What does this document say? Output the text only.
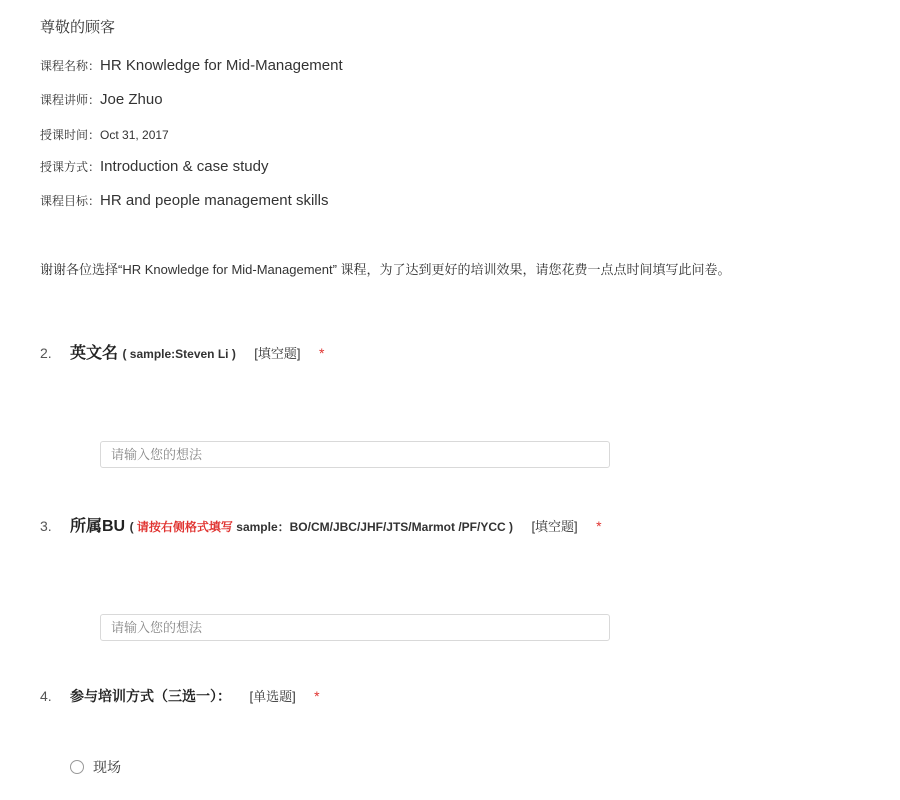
尊敬的顾客
课程名称：HR Knowledge for Mid-Management
课程讲师：Joe Zhuo
授课时间：Oct 31, 2017
授课方式：Introduction & case study
课程目标：HR and people management skills
谢谢各位选择“HR Knowledge for Mid-Management” 课程，为了达到更好的培训效果，请您花费一点点时间填写此问卷。
2. 英文名 ( sample:Steven Li ) [填空题] *
请输入您的想法
3. 所属BU ( 请按右侧格式填写 sample：BO/CM/JBC/JHF/JTS/Marmot /PF/YCC ) [填空题] *
请输入您的想法
4. 参与培训方式（三选一）： [单选题] *
现场
